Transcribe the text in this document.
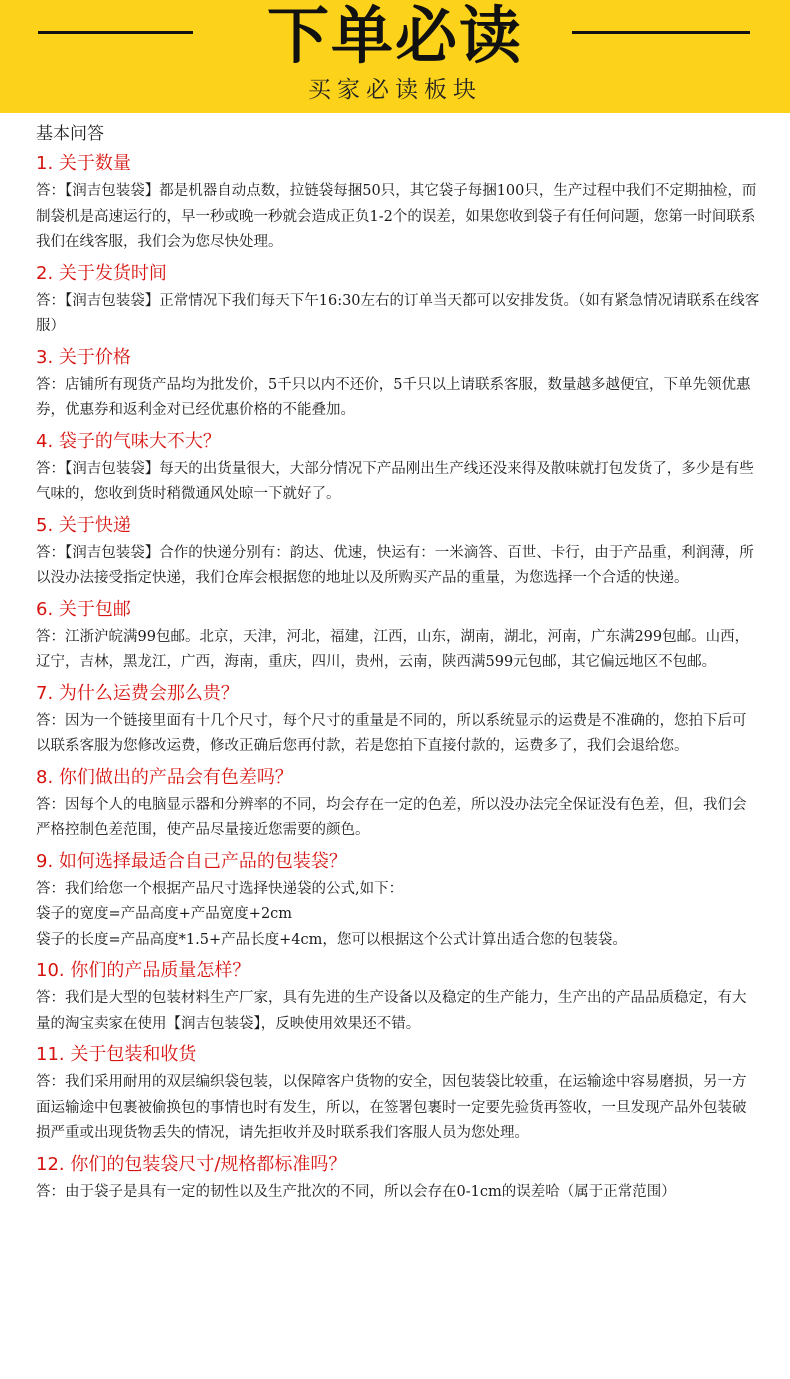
下单必读
买家必读板块
基本问答
1. 关于数量

答：【润吉包装袋】都是机器自动点数，拉链袋每捆50只，其它袋子每捆100只，生产过程中我们不定期抽检，而制袋机是高速运行的，早一秒或晚一秒就会造成正负1-2个的误差，如果您收到袋子有任何问题，您第一时间联系我们在线客服，我们会为您尽快处理。

2. 关于发货时间

答：【润吉包装袋】正常情况下我们每天下午16:30左右的订单当天都可以安排发货。（如有紧急情况请联系在线客服）

3. 关于价格

答：店铺所有现货产品均为批发价，5千只以内不还价，5千只以上请联系客服，数量越多越便宜，下单先领优惠券，优惠券和返利金对已经优惠价格的不能叠加。

4. 袋子的气味大不大？

答：【润吉包装袋】每天的出货量很大，大部分情况下产品刚出生产线还没来得及散味就打包发货了，多少是有些气味的，您收到货时稍微通风处晾一下就好了。

5. 关于快递

答：【润吉包装袋】合作的快递分别有：韵达、优速，快运有：一米滴答、百世、卡行，由于产品重，利润薄，所以没办法接受指定快递，我们仓库会根据您的地址以及所购买产品的重量，为您选择一个合适的快递。

6. 关于包邮

答：江浙沪皖满99包邮。北京，天津，河北，福建，江西，山东，湖南，湖北，河南，广东满299包邮。山西，辽宁，吉林，黑龙江，广西，海南，重庆，四川，贵州，云南，陕西满599元包邮，其它偏远地区不包邮。

7. 为什么运费会那么贵？

答：因为一个链接里面有十几个尺寸，每个尺寸的重量是不同的，所以系统显示的运费是不准确的，您拍下后可以联系客服为您修改运费，修改正确后您再付款，若是您拍下直接付款的，运费多了，我们会退给您。

8. 你们做出的产品会有色差吗？

答：因每个人的电脑显示器和分辨率的不同，均会存在一定的色差，所以没办法完全保证没有色差，但，我们会严格控制色差范围，使产品尽量接近您需要的颜色。

9. 如何选择最适合自己产品的包装袋？

答：我们给您一个根据产品尺寸选择快递袋的公式,如下：

袋子的宽度=产品高度+产品宽度+2cm

袋子的长度=产品高度*1.5+产品长度+4cm，您可以根据这个公式计算出适合您的包装袋。

10. 你们的产品质量怎样？

答：我们是大型的包装材料生产厂家，具有先进的生产设备以及稳定的生产能力，生产出的产品品质稳定，有大量的淘宝卖家在使用【润吉包装袋】，反映使用效果还不错。

11. 关于包装和收货

答：我们采用耐用的双层编织袋包装，以保障客户货物的安全，因包装袋比较重，在运输途中容易磨损，另一方面运输途中包裹被偷换包的事情也时有发生，所以，在签署包裹时一定要先验货再签收，一旦发现产品外包装破损严重或出现货物丢失的情况，请先拒收并及时联系我们客服人员为您处理。

12. 你们的包装袋尺寸/规格都标准吗？

答：由于袋子是具有一定的韧性以及生产批次的不同，所以会存在0-1cm的误差哈（属于正常范围）
